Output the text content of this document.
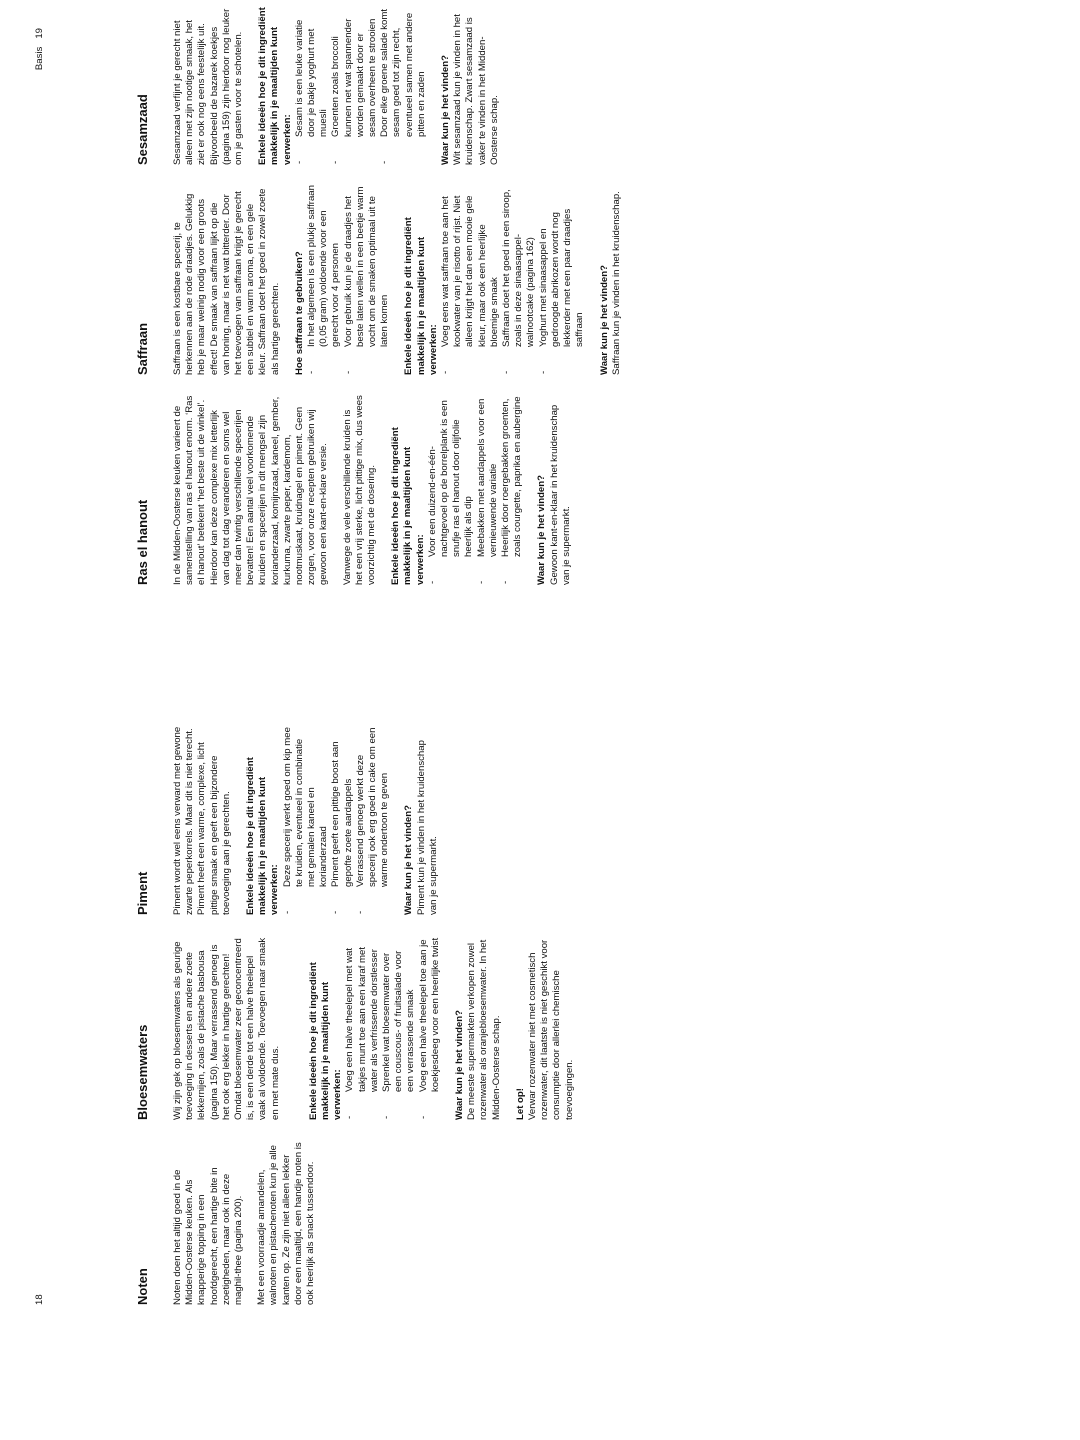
Noten Noten doen het altijd goed in de Midden-Oosterse keuken. Als knapperige topping in een hoofdgerecht, een hartige bite in zoetigheden, maar ook in deze maghil-thee (pagina 200). Met een voorraadje amandelen, walnoten en pistachenoten kun je alle kanten op. Ze zijn niet alleen lekker door een maaltijd, een handje noten is ook heerlijk als snack tussendoor.

Bloesemwaters Wij zijn gek op bloesemwaters als geurige toevoeging in desserts en andere zoete lekkernijen, zoals de pistache basbousa (pagina 150). Maar verrassend genoeg is het ook erg lekker in hartige gerechten! Omdat bloesemwater zeer geconcentreerd is, is een derde tot een halve theelepel vaak al voldoende. Toevoegen naar smaak en met mate dus.	Enkele ideeën hoe je dit ingrediënt makkelijk in je maaltijden kunt verwerken:
- Voeg een halve theelepel met wat takjes munt toe aan een karaf met water als verfrissende dorstlesser - Sprenkel wat bloesemwater over een couscous- of fruitsalade voor een verrassende smaak - Voeg een halve theelepel toe aan je koekjesdeeg voor een heerlijke twist Waar kun je het vinden? De meeste supermarkten verkopen zowel rozenwater als oranjebloesemwater. In het Midden-Oosterse schap. Let op! Verwar rozenwater niet met cosmetisch rozenwater, dit laatste is niet geschikt voor consumptie door allerlei chemische toevoegingen.
Piment Piment wordt wel eens verward met gewone zwarte peperkorrels. Maar dit is niet terecht. Piment heeft een warme, complexe, licht pittige smaak en geeft een bijzondere toevoeging aan je gerechten. Enkele ideeën hoe je dit ingrediënt makkelijk in je maaltijden kunt verwerken:
- Deze specerij werkt goed om kip mee te kruiden, eventueel in combinatie met gemalen kaneel en korianderzaad - Piment geeft een pittige boost aan gepofte zoete aardappels - Verrassend genoeg werkt deze specerij ook erg goed in cake om een warme ondertoon te geven Waar kun je het vinden? Piment kun je vinden in het kruidenschap van je supermarkt.
18
Ras el hanout In de Midden-Oosterse keuken varieert de samenstelling van ras el hanout enorm. ‘Ras el hanout’ betekent ‘het beste uit de winkel’. Hierdoor kan deze complexe mix letterlijk van dag tot dag veranderen en soms wel meer dan twintig verschillende specerijen bevatten! Een aantal veel voorkomende kruiden en specerijen in dit mengsel zijn korianderzaad, komijnzaad, kaneel, gember, kurkuma, zwarte peper, kardemom, nootmuskaat, kruidnagel en piment. Geen zorgen, voor onze recepten gebruiken wij gewoon een kant-en-klare versie. Vanwege de vele verschillende kruiden is het een vrij sterke, licht pittige mix, dus wees voorzichtig met de dosering. Enkele ideeën hoe je dit ingrediënt makkelijk in je maaltijden kunt verwerken:
- Voor een duizend-en-één-nachtgevoel op de borrelplank is een snufje ras el hanout door olijfolie heerlijk als dip - Meebakken met aardappels voor een vernieuwende variatie - Heerlijk door roergebakken groenten, zoals courgette, paprika en aubergine Waar kun je het vinden? Gewoon kant-en-klaar in het kruidenschap van je supermarkt.
Saffraan Saffraan is een kostbare specerij, te herkennen aan de rode draadjes. Gelukkig heb je maar weinig nodig voor een groots effect! De smaak van saffraan lijkt op die van honing, maar is net wat bitterder. Door het toevoegen van saffraan krijgt je gerecht een subtiel en warm aroma, en een gele kleur. Saffraan doet het goed in zowel zoete als hartige gerechten. Hoe saffraan te gebruiken? - In het algemeen is een plukje saffraan (0,05 gram) voldoende voor een gerecht voor 4 personen - Voor gebruik kun je de draadjes het beste laten wellen in een beetje warm vocht om de smaken optimaal uit te laten komen Enkele ideeën hoe je dit ingrediënt makkelijk in je maaltijden kunt verwerken:
- Voeg eens wat saffraan toe aan het kookwater van je risotto of rijst. Niet alleen krijgt het dan een mooie gele kleur, maar ook een heerlijke bloemige smaak - Saffraan doet het goed in een siroop, zoals in deze sinaasappel-walnootcake (pagina 162) - Yoghurt met sinaasappel en gedroogde abrikozen wordt nog lekkerder met een paar draadjes saffraan Waar kun je het vinden? Saffraan kun je vinden in het kruidenschap.
Sesamzaad Sesamzaad verfijnt je gerecht niet alleen met zijn nootige smaak, het ziet er ook nog eens feestelijk uit. Bijvoorbeeld de bazarek koekjes (pagina 159) zijn hierdoor nog leuker om je gasten voor te schotelen. Enkele ideeën hoe je dit ingrediënt makkelijk in je maaltijden kunt verwerken:
- Sesam is een leuke variatie door je bakje yoghurt met muesli - Groenten zoals broccoli kunnen net wat spannender worden gemaakt door er sesam overheen te strooien - Door elke groene salade komt sesam goed tot zijn recht, eventueel samen met andere pitten en zaden Waar kun je het vinden? Wit sesamzaad kun je vinden in het kruidenschap. Zwart sesamzaad is vaker te vinden in het Midden-Oosterse schap.
Basis   19
